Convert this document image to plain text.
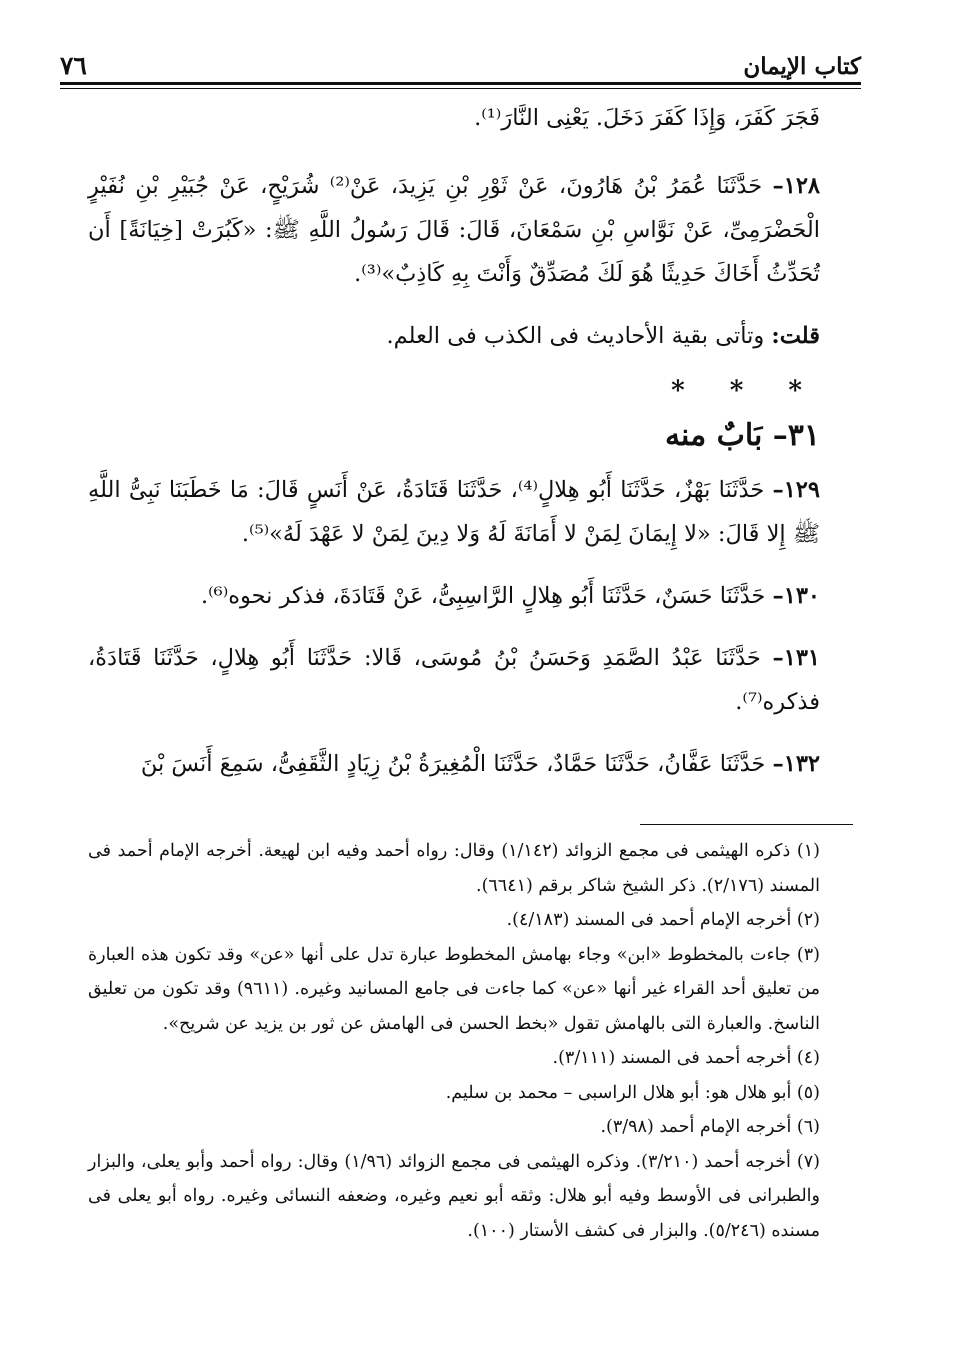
٧٦	كتاب الإيمان

فَجَرَ كَفَرَ، وَإِذَا كَفَرَ دَخَلَ. يَعْنِى النَّارَ⁽¹⁾.

١٢٨– حَدَّثَنَا عُمَرُ بْنُ هَارُونَ، عَنْ ثَوْرِ بْنِ يَزِيدَ، عَنْ⁽²⁾ شُرَيْحٍ، عَنْ جُبَيْرِ بْنِ نُفَيْرٍ الْحَضْرَمِىِّ، عَنْ نَوَّاسِ بْنِ سَمْعَانَ، قَالَ: قَالَ رَسُولُ اللَّهِ ﷺ: «كَبُرَتْ [خِيَانَةً] أَن تُحَدِّثُ أَخَاكَ حَدِيثًا هُوَ لَكَ مُصَدِّقٌ وَأَنْتَ بِهِ كَاذِبٌ»⁽³⁾.

قلت: وتأتى بقية الأحاديث فى الكذب فى العلم.

* * *
٣١– بَابٌ منه

١٢٩– حَدَّثَنَا بَهْزٌ، حَدَّثَنَا أَبُو هِلالٍ⁽⁴⁾، حَدَّثَنَا قَتَادَةُ، عَنْ أَنَسٍ قَالَ: مَا خَطَبَنَا نَبِىُّ اللَّهِ ﷺ إِلا قَالَ: «لا إِيمَانَ لِمَنْ لا أَمَانَةَ لَهُ وَلا دِينَ لِمَنْ لا عَهْدَ لَهُ»⁽⁵⁾.

١٣٠– حَدَّثَنَا حَسَنٌ، حَدَّثَنَا أَبُو هِلالٍ الرَّاسِبِىُّ، عَنْ قَتَادَةَ، فذكر نحوه⁽⁶⁾.

١٣١– حَدَّثَنَا عَبْدُ الصَّمَدِ وَحَسَنُ بْنُ مُوسَى، قَالا: حَدَّثَنَا أَبُو هِلالٍ، حَدَّثَنَا قَتَادَةُ، فذكره⁽⁷⁾.

١٣٢– حَدَّثَنَا عَفَّانُ، حَدَّثَنَا حَمَّادٌ، حَدَّثَنَا الْمُغِيرَةُ بْنُ زِيَادٍ الثَّقَفِىُّ، سَمِعَ أَنَسَ بْنَ

(١) ذكره الهيثمى فى مجمع الزوائد (١/١٤٢) وقال: رواه أحمد وفيه ابن لهيعة. أخرجه الإمام أحمد فى المسند (٢/١٧٦). ذكر الشيخ شاكر برقم (٦٦٤١).

(٢) أخرجه الإمام أحمد فى المسند (٤/١٨٣).

(٣) جاءت بالمخطوط «ابن» وجاء بهامش المخطوط عبارة تدل على أنها «عن» وقد تكون هذه العبارة من تعليق أحد القراء غير أنها «عن» كما جاءت فى جامع المسانيد وغيره. (٩٦١١) وقد تكون من تعليق الناسخ. والعبارة التى بالهامش تقول «بخط الحسن فى الهامش عن ثور بن يزيد عن شريح».

(٤) أخرجه أحمد فى المسند (٣/١١١).

(٥) أبو هلال هو: أبو هلال الراسبى – محمد بن سليم.

(٦) أخرجه الإمام أحمد (٣/٩٨).

(٧) أخرجه أحمد (٣/٢١٠). وذكره الهيثمى فى مجمع الزوائد (١/٩٦) وقال: رواه أحمد وأبو يعلى، والبزار والطبرانى فى الأوسط وفيه أبو هلال: وثقه أبو نعيم وغيره، وضعفه النسائى وغيره. رواه أبو يعلى فى مسنده (٥/٢٤٦). والبزار فى كشف الأستار (١٠٠).
